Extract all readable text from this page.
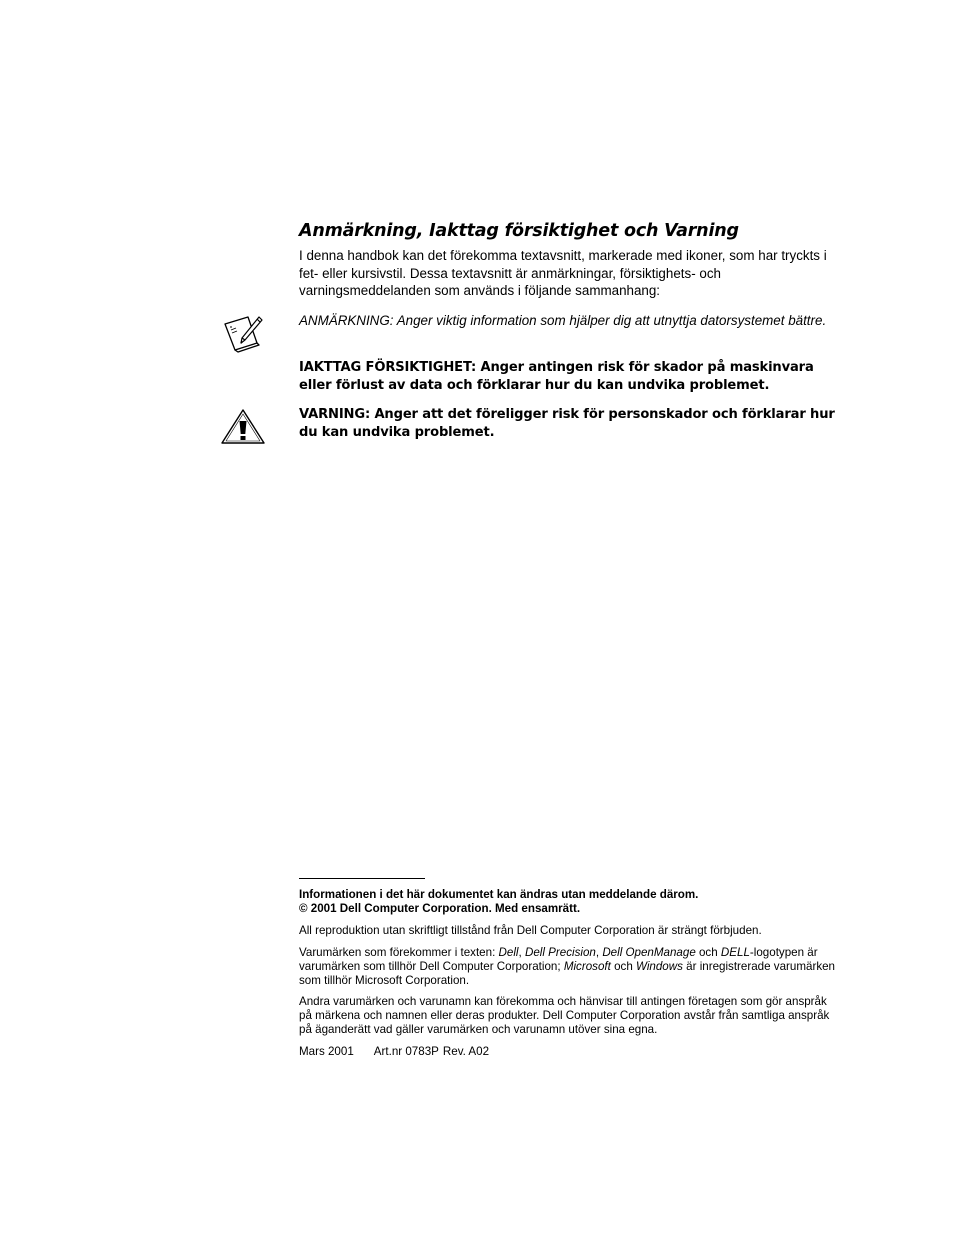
Anmärkning, Iakttag försiktighet och Varning

I denna handbok kan det förekomma textavsnitt, markerade med ikoner, som har tryckts i fet- eller kursivstil. Dessa textavsnitt är anmärkningar, försiktighets- och varningsmeddelanden som används i följande sammanhang:

ANMÄRKNING: Anger viktig information som hjälper dig att utnyttja datorsystemet bättre.

IAKTTAG FÖRSIKTIGHET: Anger antingen risk för skador på maskinvara eller förlust av data och förklarar hur du kan undvika problemet.

VARNING: Anger att det föreligger risk för personskador och förklarar hur du kan undvika problemet.

Informationen i det här dokumentet kan ändras utan meddelande därom.
© 2001 Dell Computer Corporation. Med ensamrätt.

All reproduktion utan skriftligt tillstånd från Dell Computer Corporation är strängt förbjuden.

Varumärken som förekommer i texten: Dell, Dell Precision, Dell OpenManage och DELL-logotypen är varumärken som tillhör Dell Computer Corporation; Microsoft och Windows är inregistrerade varumärken som tillhör Microsoft Corporation.

Andra varumärken och varunamn kan förekomma och hänvisar till antingen företagen som gör anspråk på märkena och namnen eller deras produkter. Dell Computer Corporation avstår från samtliga anspråk på äganderätt vad gäller varumärken och varunamn utöver sina egna.

Mars 2001 Art.nr 0783P Rev. A02
